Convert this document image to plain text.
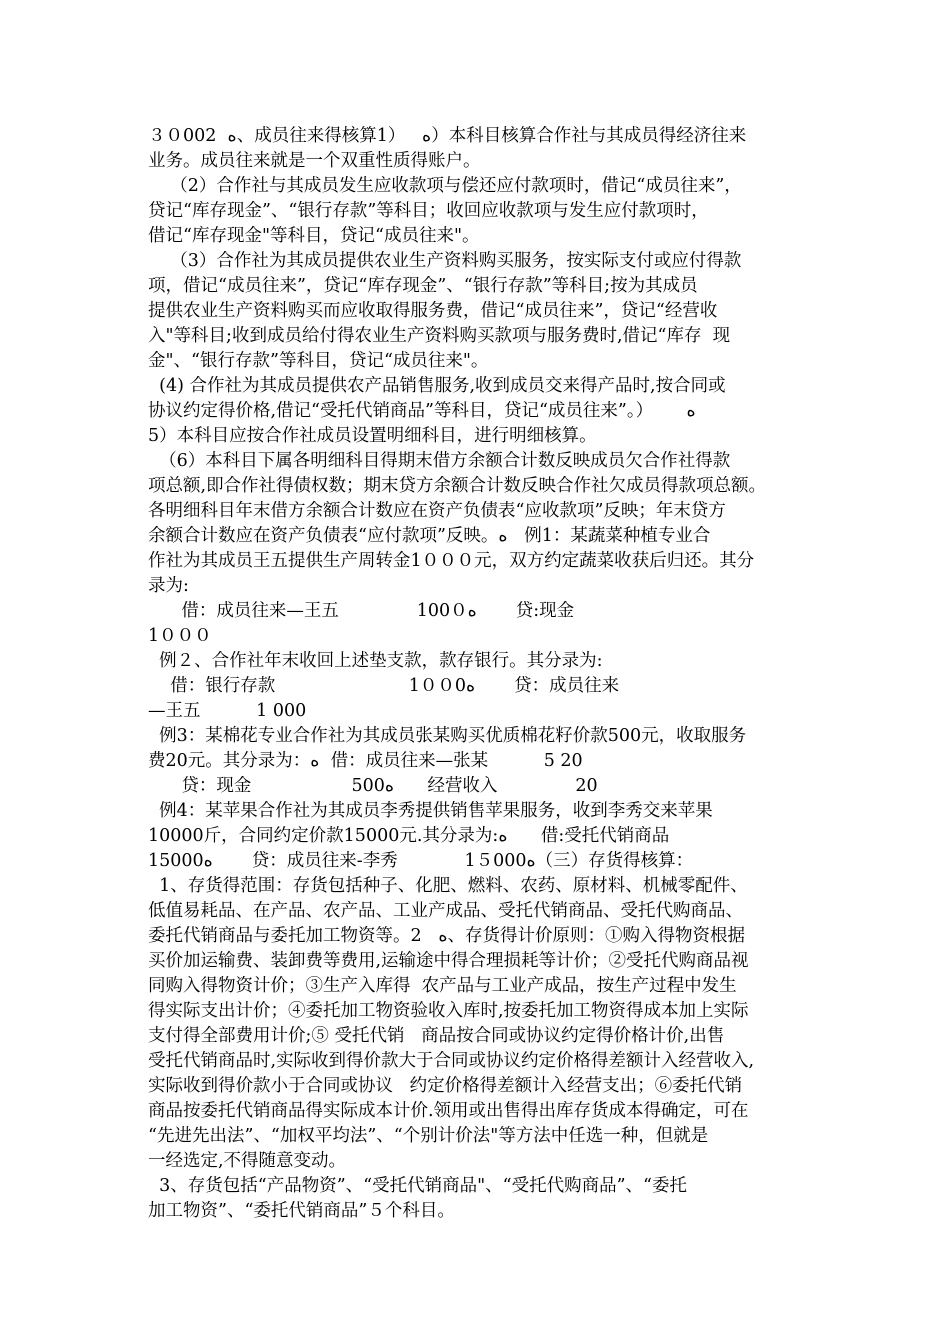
３０002  ﻩ、成员往来得核算1）   ﻩ）本科目核算合作社与其成员得经济往来
业务。成员往来就是一个双重性质得账户。
（2）合作社与其成员发生应收款项与偿还应付款项时，借记“成员往来”，
贷记“库存现金”、“银行存款”等科目；收回应收款项与发生应付款项时，
借记“库存现金"等科目，贷记“成员往来"。
（3）合作社为其成员提供农业生产资料购买服务，按实际支付或应付得款
项，借记“成员往来”，贷记“库存现金”、“银行存款”等科目;按为其成员
提供农业生产资料购买而应收取得服务费，借记“成员往来”，贷记“经营收
入"等科目;收到成员给付得农业生产资料购买款项与服务费时,借记“库存  现
金"、“银行存款”等科目，贷记“成员往来"。
(4) 合作社为其成员提供农产品销售服务,收到成员交来得产品时,按合同或
协议约定得价格,借记“受托代销商品”等科目，贷记“成员往来”。）      ﻩ
5）本科目应按合作社成员设置明细科目，进行明细核算。
（6）本科目下属各明细科目得期末借方余额合计数反映成员欠合作社得款
项总额,即合作社得债权数；期末贷方余额合计数反映合作社欠成员得款项总额。
各明细科目年末借方余额合计数应在资产负债表“应收款项”反映；年末贷方
余额合计数应在资产负债表“应付款项”反映。ﻩ   例1：某蔬菜种植专业合
作社为其成员王五提供生产周转金1０００元，双方约定蔬菜收获后归还。其分
录为:
借：成员往来—王五              100０ﻩ       贷:现金
1０００
例２、合作社年末收回上述垫支款，款存银行。其分录为:
借：银行存款                        1００0ﻩ       贷：成员往来
—王五          1 000
例3：某棉花专业合作社为其成员张某购买优质棉花籽价款500元，收取服务
费20元。其分录为：ﻩ  借：成员往来—张某          5 20
贷：现金                  500ﻩ      经营收入              20
例4：某苹果合作社为其成员李秀提供销售苹果服务，收到李秀交来苹果
10000斤，合同约定价款15000元.其分录为:ﻩ      借:受托代销商品
15000ﻩ       贷：成员往来-李秀            1５000ﻩ（三）存货得核算：
1、存货得范围：存货包括种子、化肥、燃料、农药、原材料、机械零配件、
低值易耗品、在产品、农产品、工业产成品、受托代销商品、受托代购商品、
委托代销商品与委托加工物资等。2   ﻩ、存货得计价原则：①购入得物资根据
买价加运输费、装卸费等费用,运输途中得合理损耗等计价；②受托代购商品视
同购入得物资计价；③生产入库得  农产品与工业产成品，按生产过程中发生
得实际支出计价；④委托加工物资验收入库时,按委托加工物资得成本加上实际
支付得全部费用计价;⑤ 受托代销   商品按合同或协议约定得价格计价,出售
受托代销商品时,实际收到得价款大于合同或协议约定价格得差额计入经营收入,
实际收到得价款小于合同或协议   约定价格得差额计入经营支出；⑥委托代销
商品按委托代销商品得实际成本计价.领用或出售得出库存货成本得确定，可在
“先进先出法”、“加权平均法”、“个别计价法"等方法中任选一种，但就是
一经选定,不得随意变动。
3、存货包括“产品物资”、“受托代销商品"、“受托代购商品”、“委托
加工物资”、“委托代销商品”５个科目。
